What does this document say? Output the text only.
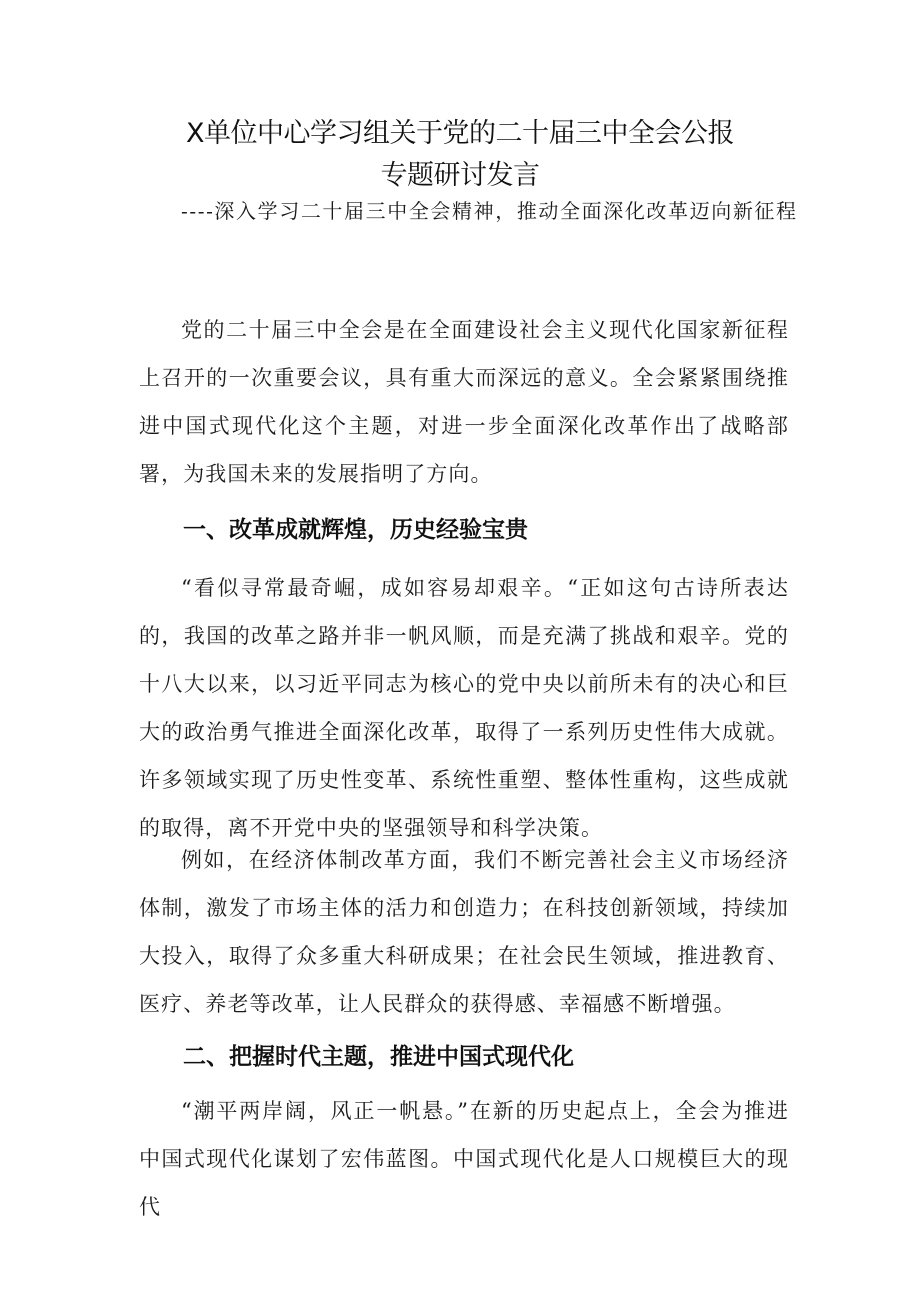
X单位中心学习组关于党的二十届三中全会公报
专题研讨发言

----深入学习二十届三中全会精神，推动全面深化改革迈向新征程

党的二十届三中全会是在全面建设社会主义现代化国家新征程上召开的一次重要会议，具有重大而深远的意义。全会紧紧围绕推进中国式现代化这个主题，对进一步全面深化改革作出了战略部署，为我国未来的发展指明了方向。

一、改革成就辉煌，历史经验宝贵

“看似寻常最奇崛，成如容易却艰辛。“正如这句古诗所表达的，我国的改革之路并非一帆风顺，而是充满了挑战和艰辛。党的十八大以来，以习近平同志为核心的党中央以前所未有的决心和巨大的政治勇气推进全面深化改革，取得了一系列历史性伟大成就。许多领域实现了历史性变革、系统性重塑、整体性重构，这些成就的取得，离不开党中央的坚强领导和科学决策。

例如，在经济体制改革方面，我们不断完善社会主义市场经济体制，激发了市场主体的活力和创造力；在科技创新领域，持续加大投入，取得了众多重大科研成果；在社会民生领域，推进教育、医疗、养老等改革，让人民群众的获得感、幸福感不断增强。

二、把握时代主题，推进中国式现代化

“潮平两岸阔，风正一帆悬。”在新的历史起点上，全会为推进中国式现代化谋划了宏伟蓝图。中国式现代化是人口规模巨大的现代
